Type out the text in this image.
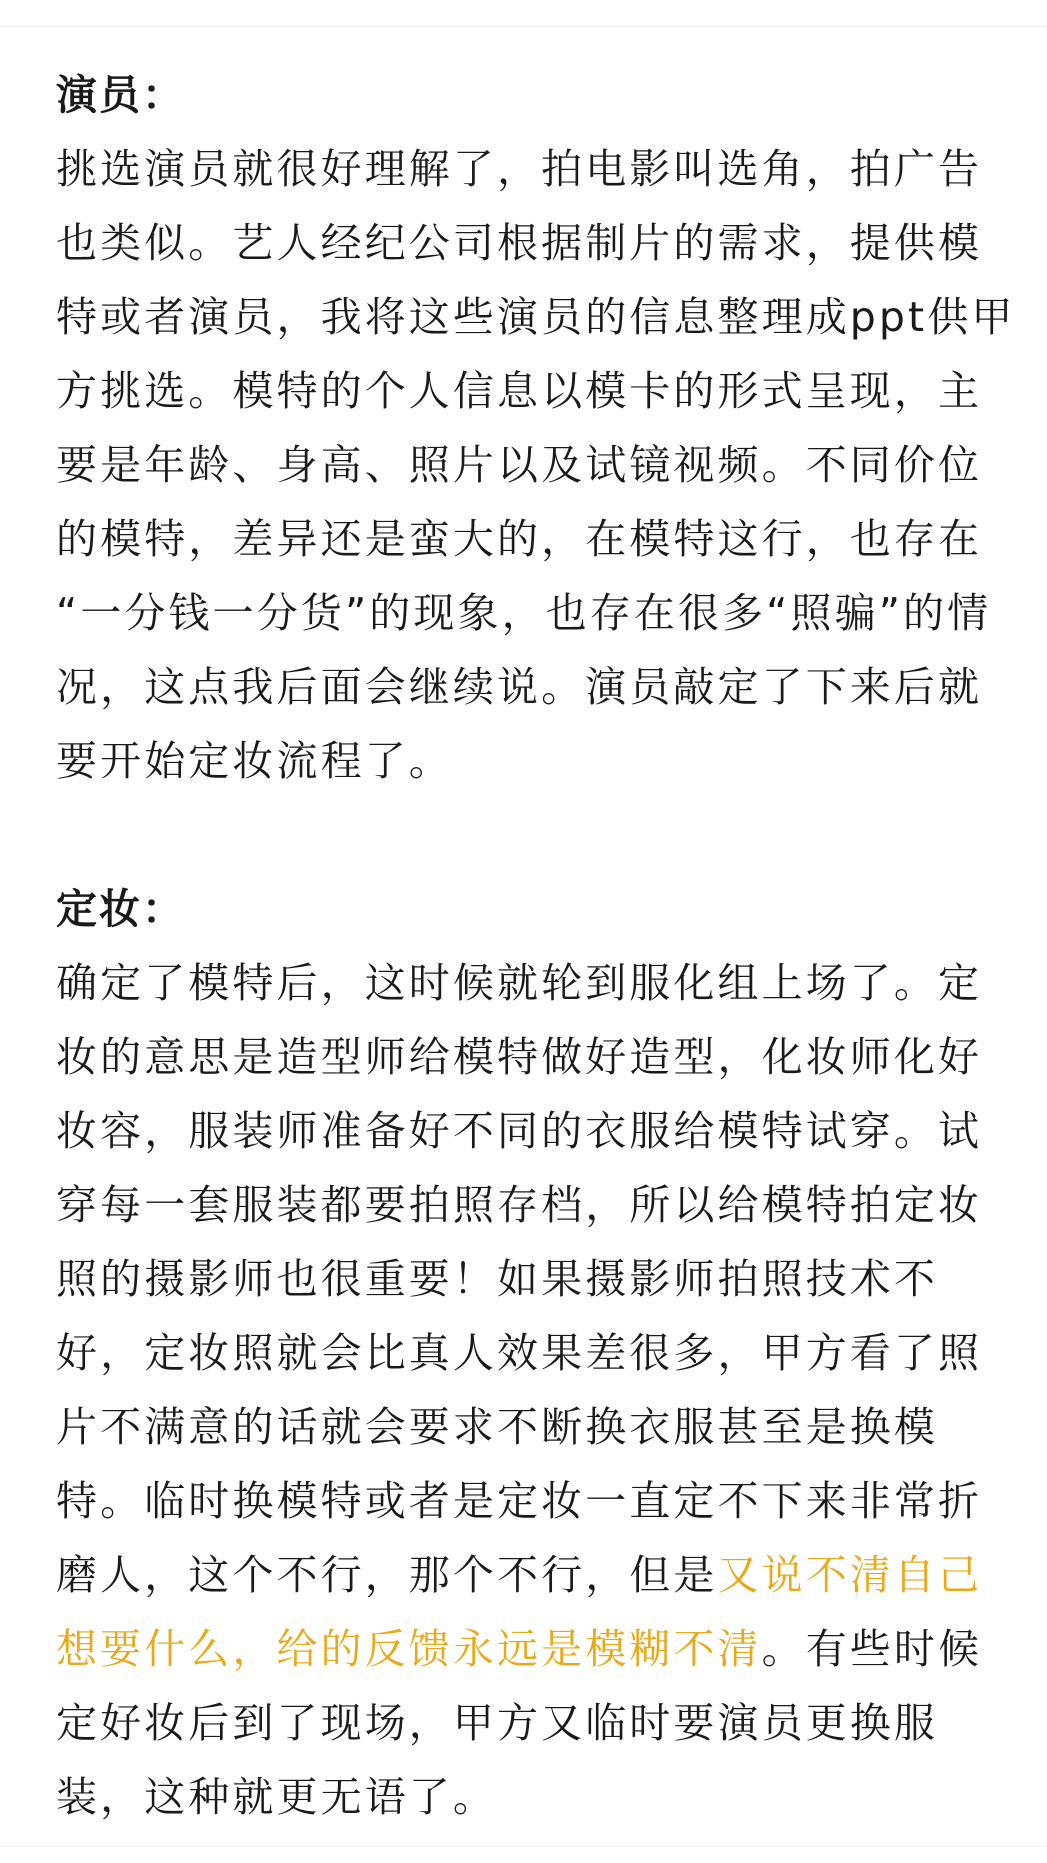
演员：
挑选演员就很好理解了，拍电影叫选角，拍广告
也类似。艺人经纪公司根据制片的需求，提供模
特或者演员，我将这些演员的信息整理成ppt供甲
方挑选。模特的个人信息以模卡的形式呈现，主
要是年龄、身高、照片以及试镜视频。不同价位
的模特，差异还是蛮大的，在模特这行，也存在
“一分钱一分货”的现象，也存在很多“照骗”的情
况，这点我后面会继续说。演员敲定了下来后就
要开始定妆流程了。
定妆：
确定了模特后，这时候就轮到服化组上场了。定
妆的意思是造型师给模特做好造型，化妆师化好
妆容，服装师准备好不同的衣服给模特试穿。试
穿每一套服装都要拍照存档，所以给模特拍定妆
照的摄影师也很重要！如果摄影师拍照技术不
好，定妆照就会比真人效果差很多，甲方看了照
片不满意的话就会要求不断换衣服甚至是换模
特。临时换模特或者是定妆一直定不下来非常折
磨人，这个不行，那个不行，但是又说不清自己
想要什么，给的反馈永远是模糊不清。有些时候
定好妆后到了现场，甲方又临时要演员更换服
装，这种就更无语了。
